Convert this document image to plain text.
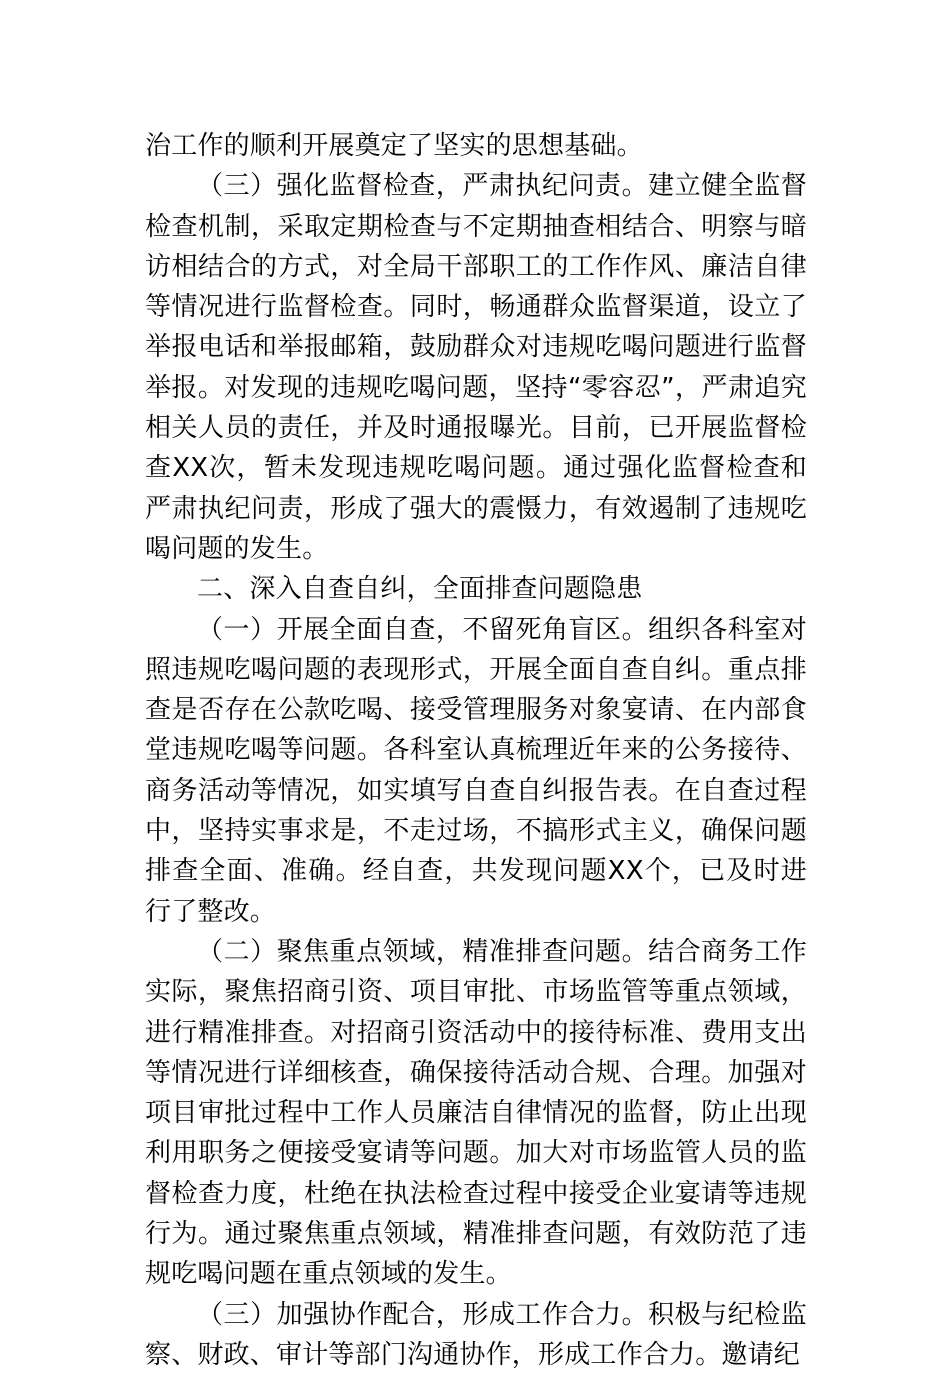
治工作的顺利开展奠定了坚实的思想基础。

（三）强化监督检查，严肃执纪问责。建立健全监督检查机制，采取定期检查与不定期抽查相结合、明察与暗访相结合的方式，对全局干部职工的工作作风、廉洁自律等情况进行监督检查。同时，畅通群众监督渠道，设立了举报电话和举报邮箱，鼓励群众对违规吃喝问题进行监督举报。对发现的违规吃喝问题，坚持“零容忍”，严肃追究相关人员的责任，并及时通报曝光。目前，已开展监督检查XX次，暂未发现违规吃喝问题。通过强化监督检查和严肃执纪问责，形成了强大的震慑力，有效遏制了违规吃喝问题的发生。

二、深入自查自纠，全面排查问题隐患

（一）开展全面自查，不留死角盲区。组织各科室对照违规吃喝问题的表现形式，开展全面自查自纠。重点排查是否存在公款吃喝、接受管理服务对象宴请、在内部食堂违规吃喝等问题。各科室认真梳理近年来的公务接待、商务活动等情况，如实填写自查自纠报告表。在自查过程中，坚持实事求是，不走过场，不搞形式主义，确保问题排查全面、准确。经自查，共发现问题XX个，已及时进行了整改。

（二）聚焦重点领域，精准排查问题。结合商务工作实际，聚焦招商引资、项目审批、市场监管等重点领域，进行精准排查。对招商引资活动中的接待标准、费用支出等情况进行详细核查，确保接待活动合规、合理。加强对项目审批过程中工作人员廉洁自律情况的监督，防止出现利用职务之便接受宴请等问题。加大对市场监管人员的监督检查力度，杜绝在执法检查过程中接受企业宴请等违规行为。通过聚焦重点领域，精准排查问题，有效防范了违规吃喝问题在重点领域的发生。

（三）加强协作配合，形成工作合力。积极与纪检监察、财政、审计等部门沟通协作，形成工作合力。邀请纪
